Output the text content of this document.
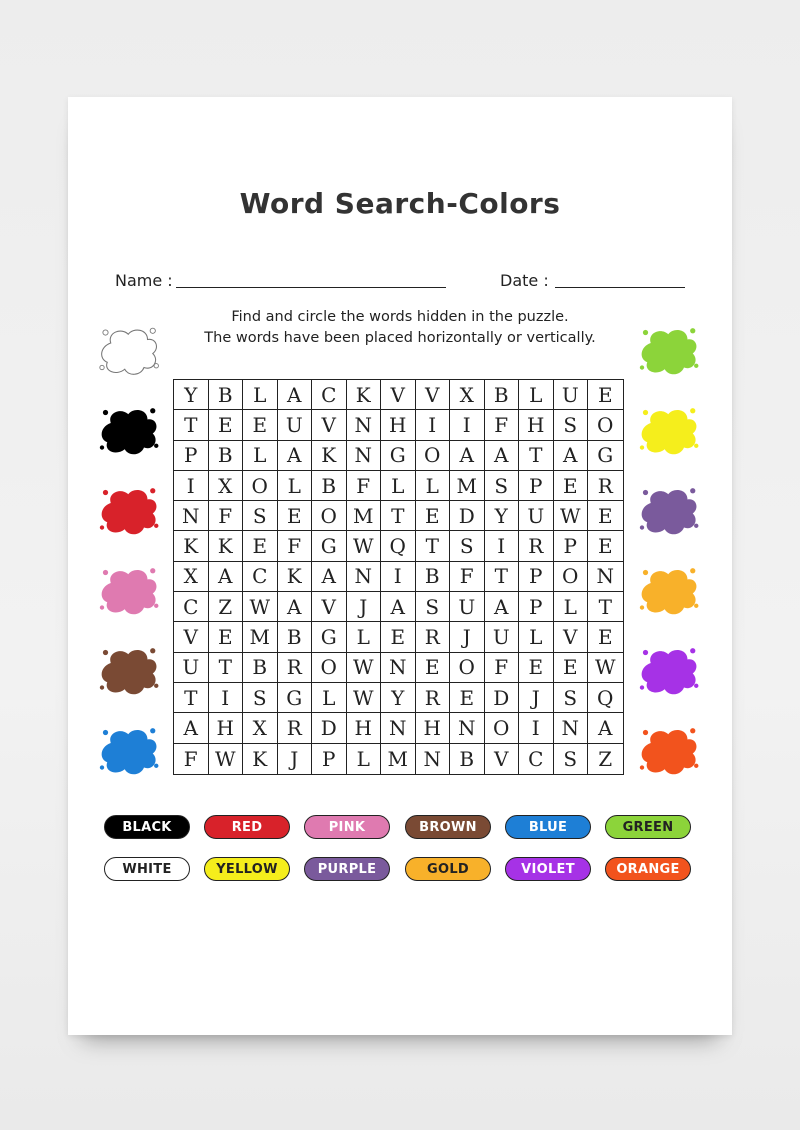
Word Search-Colors
Name :	Date :
Find and circle the words hidden in the puzzle.
The words have been placed horizontally or vertically.
Y	B	L	A C K V	V	X	B	L U E
T	E E U V N H	I	I	F H S O
P	B	L	A K N G O A	A	T	A G
I	X O L	B	F	L	L M S	P	E	R
N F	S	E O M T	E D Y U W E
K K E	F G W Q T	S	I	R	P	E
X	A C K A N	I	B	F	T	P O N
C Z W A	V	J	A	S U A	P	L	T
V E M B G L	E R	J	U L	V	E
U T	B R O W N E O F	E E W
T	I	S G L W Y	R E D	J	S Q
A H X R D H N H N O	I	N A
F W K	J	P	L M N B V C S	Z
BLACK	RED	PINK	BROWN	BLUE	GREEN
WHITE	YELLOW	PURPLE	GOLD	VIOLET	ORANGE
